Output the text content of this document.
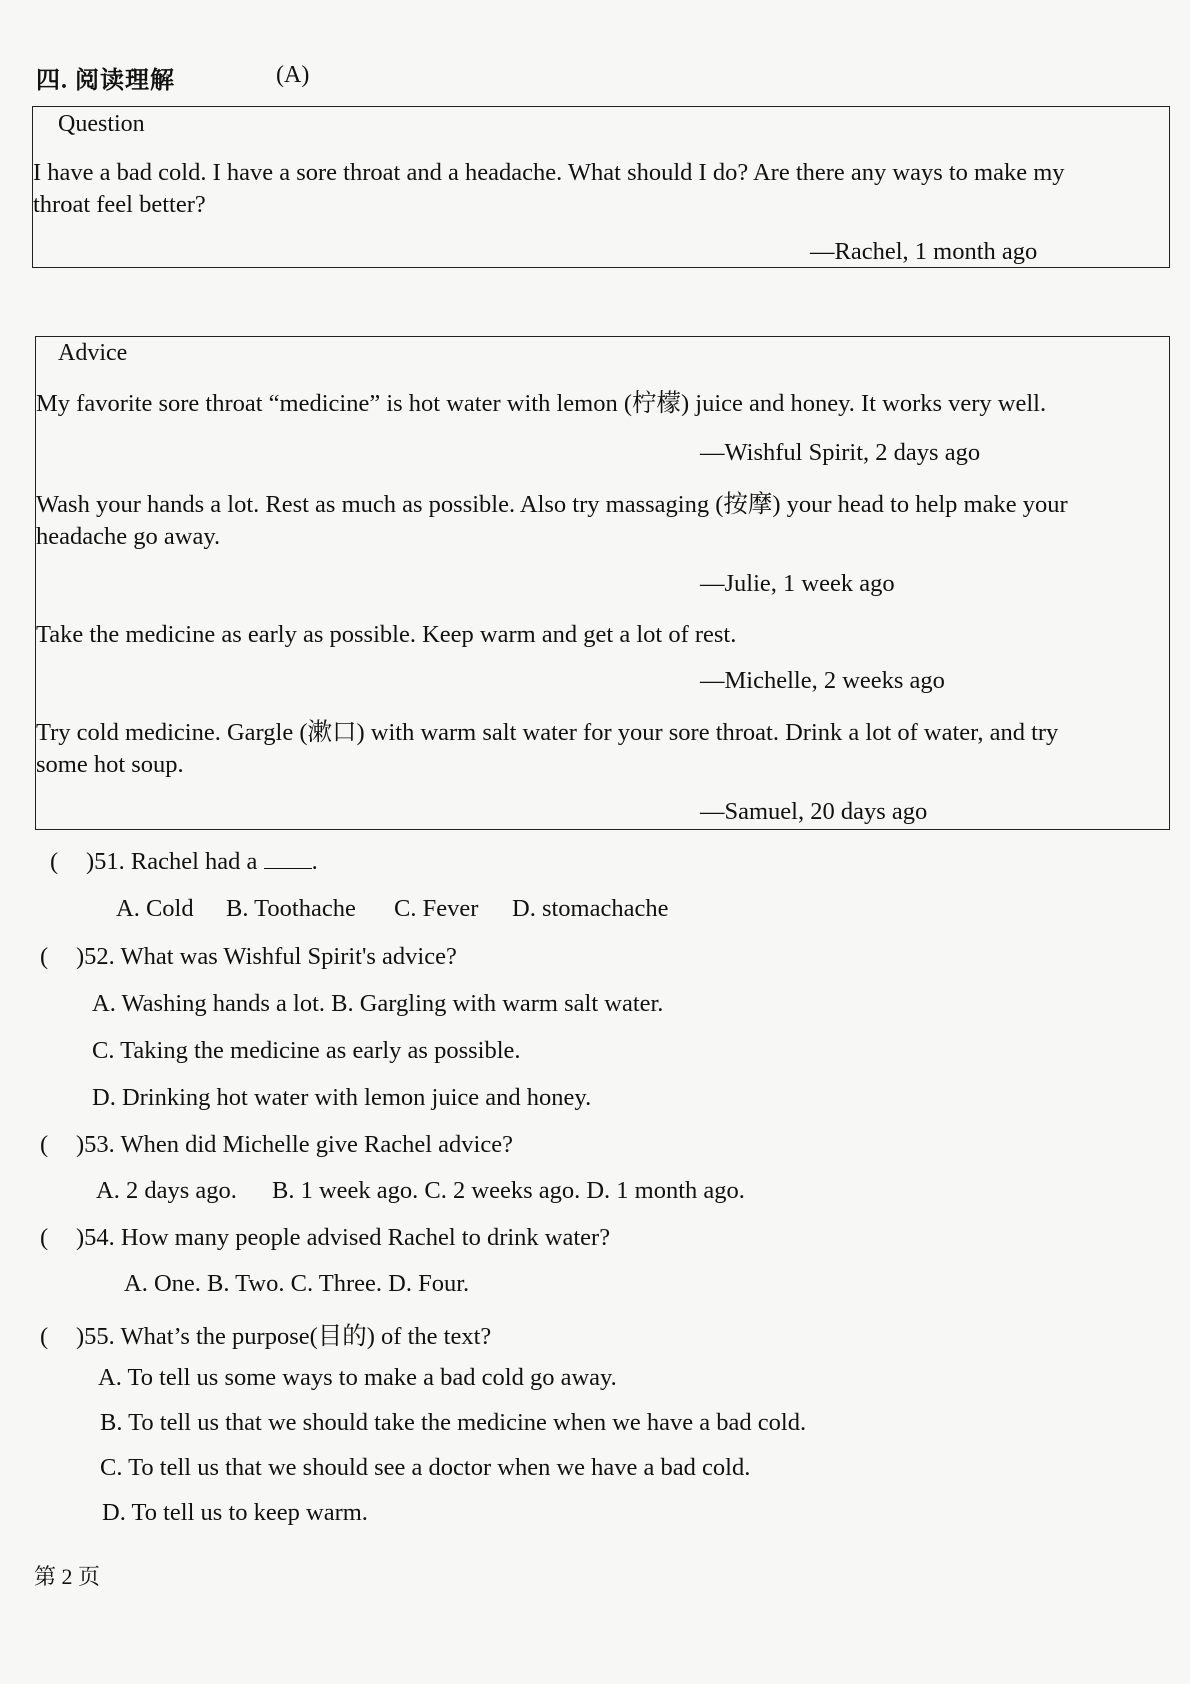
四. 阅读理解	(A)
Question
I have a bad cold. I have a sore throat and a headache. What should I do? Are there any ways to make my
throat feel better?
—Rachel, 1 month ago
Advice
My favorite sore throat “medicine” is hot water with lemon (柠檬) juice and honey. It works very well.
—Wishful Spirit, 2 days ago
Wash your hands a lot. Rest as much as possible. Also try massaging (按摩) your head to help make your
headache go away.
—Julie, 1 week ago
Take the medicine as early as possible. Keep warm and get a lot of rest.
—Michelle, 2 weeks ago
Try cold medicine. Gargle (漱口) with warm salt water for your sore throat. Drink a lot of water, and try
some hot soup.
—Samuel, 20 days ago
( )51. Rachel had a .
A. Cold B. Toothache C. Fever D. stomachache
( )52. What was Wishful Spirit's advice?
A. Washing hands a lot. B. Gargling with warm salt water.
C. Taking the medicine as early as possible.
D. Drinking hot water with lemon juice and honey.
( )53. When did Michelle give Rachel advice?
A. 2 days ago. B. 1 week ago. C. 2 weeks ago. D. 1 month ago.
( )54. How many people advised Rachel to drink water?
A. One. B. Two. C. Three. D. Four.
( )55. What’s the purpose(目的) of the text?
A. To tell us some ways to make a bad cold go away.
B. To tell us that we should take the medicine when we have a bad cold.
C. To tell us that we should see a doctor when we have a bad cold.
D. To tell us to keep warm.
第 2 页
